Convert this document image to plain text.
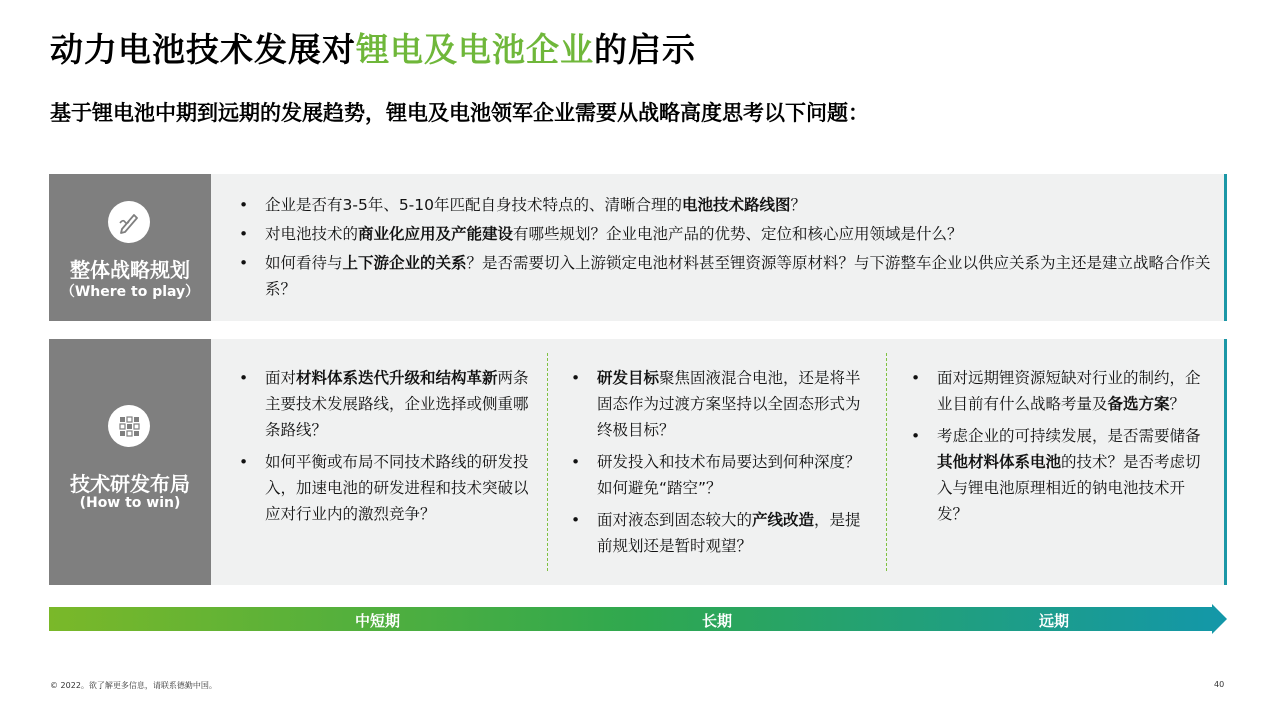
动力电池技术发展对锂电及电池企业的启示
基于锂电池中期到远期的发展趋势，锂电及电池领军企业需要从战略高度思考以下问题：
整体战略规划
（Where to play）
• 企业是否有3-5年、5-10年匹配自身技术特点的、清晰合理的电池技术路线图？
• 对电池技术的商业化应用及产能建设有哪些规划？企业电池产品的优势、定位和核心应用领域是什么？
• 如何看待与上下游企业的关系？是否需要切入上游锁定电池材料甚至锂资源等原材料？与下游整车企业以供应关系为主还是建立战略合作关系？
技术研发布局
(How to win)
• 面对材料体系迭代升级和结构革新两条主要技术发展路线，企业选择或侧重哪条路线？
• 如何平衡或布局不同技术路线的研发投入，加速电池的研发进程和技术突破以应对行业内的激烈竞争？
• 研发目标聚焦固液混合电池，还是将半固态作为过渡方案坚持以全固态形式为终极目标？
• 研发投入和技术布局要达到何种深度？如何避免“踏空”？
• 面对液态到固态较大的产线改造，是提前规划还是暂时观望？
• 面对远期锂资源短缺对行业的制约，企业目前有什么战略考量及备选方案？
• 考虑企业的可持续发展，是否需要储备其他材料体系电池的技术？是否考虑切入与锂电池原理相近的钠电池技术开发？
中短期	长期	远期
© 2022。欲了解更多信息，请联系德勤中国。	40
